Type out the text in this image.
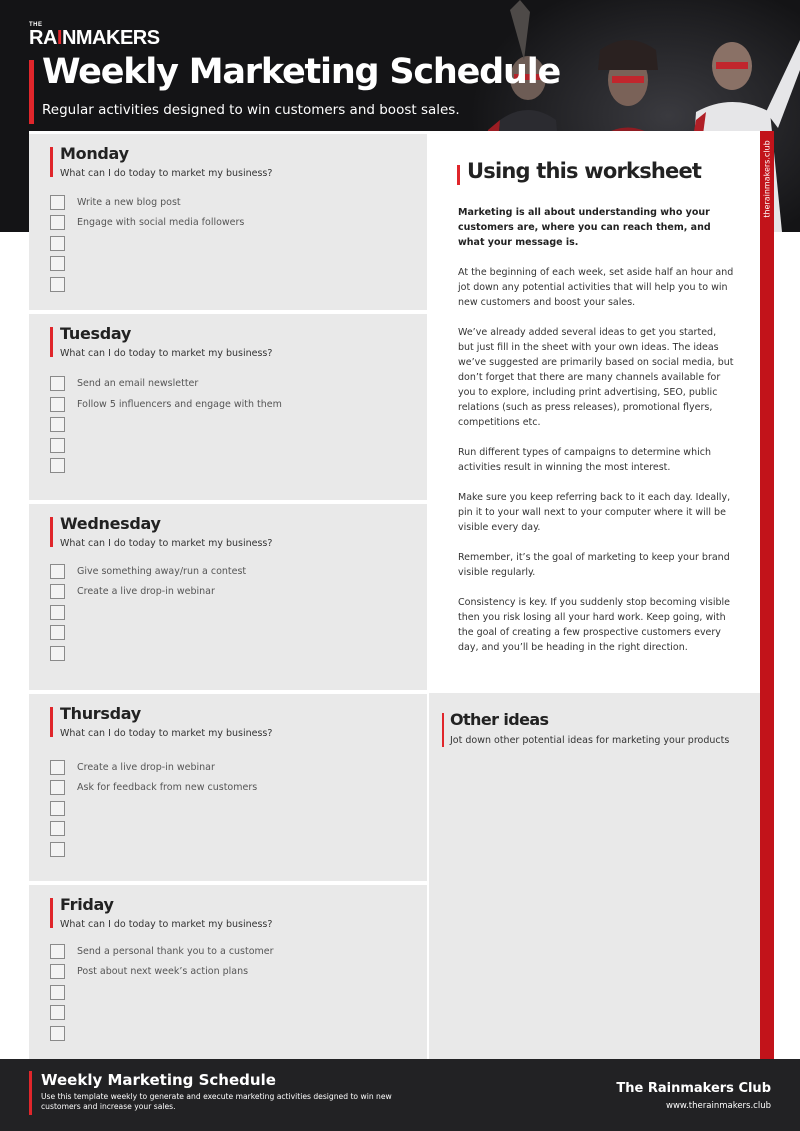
THE
RAINMAKERS
Weekly Marketing Schedule
Regular activities designed to win customers and boost sales.
Monday
What can I do today to market my business?
Write a new blog post
Engage with social media followers
Tuesday
What can I do today to market my business?
Send an email newsletter
Follow 5 influencers and engage with them
Wednesday
What can I do today to market my business?
Give something away/run a contest
Create a live drop-in webinar
Thursday
What can I do today to market my business?
Create a live drop-in webinar
Ask for feedback from new customers
Friday
What can I do today to market my business?
Send a personal thank you to a customer
Post about next week’s action plans
Using this worksheet

Marketing is all about understanding who your customers are, where you can reach them, and what your message is.

At the beginning of each week, set aside half an hour and jot down any potential activities that will help you to win new customers and boost your sales.

We’ve already added several ideas to get you started, but just fill in the sheet with your own ideas. The ideas we’ve suggested are primarily based on social media, but don’t forget that there are many channels available for you to explore, including print advertising, SEO, public relations (such as press releases), promotional flyers, competitions etc.

Run different types of campaigns to determine which activities result in winning the most interest.

Make sure you keep referring back to it each day. Ideally, pin it to your wall next to your computer where it will be visible every day.

Remember, it’s the goal of marketing to keep your brand visible regularly.

Consistency is key. If you suddenly stop becoming visible then you risk losing all your hard work. Keep going, with the goal of creating a few prospective customers every day, and you’ll be heading in the right direction.

Other ideas
Jot down other potential ideas for marketing your products
therainmakers.club
Weekly Marketing Schedule
Use this template weekly to generate and execute marketing activities designed to win new customers and increase your sales.
The Rainmakers Club
www.therainmakers.club
